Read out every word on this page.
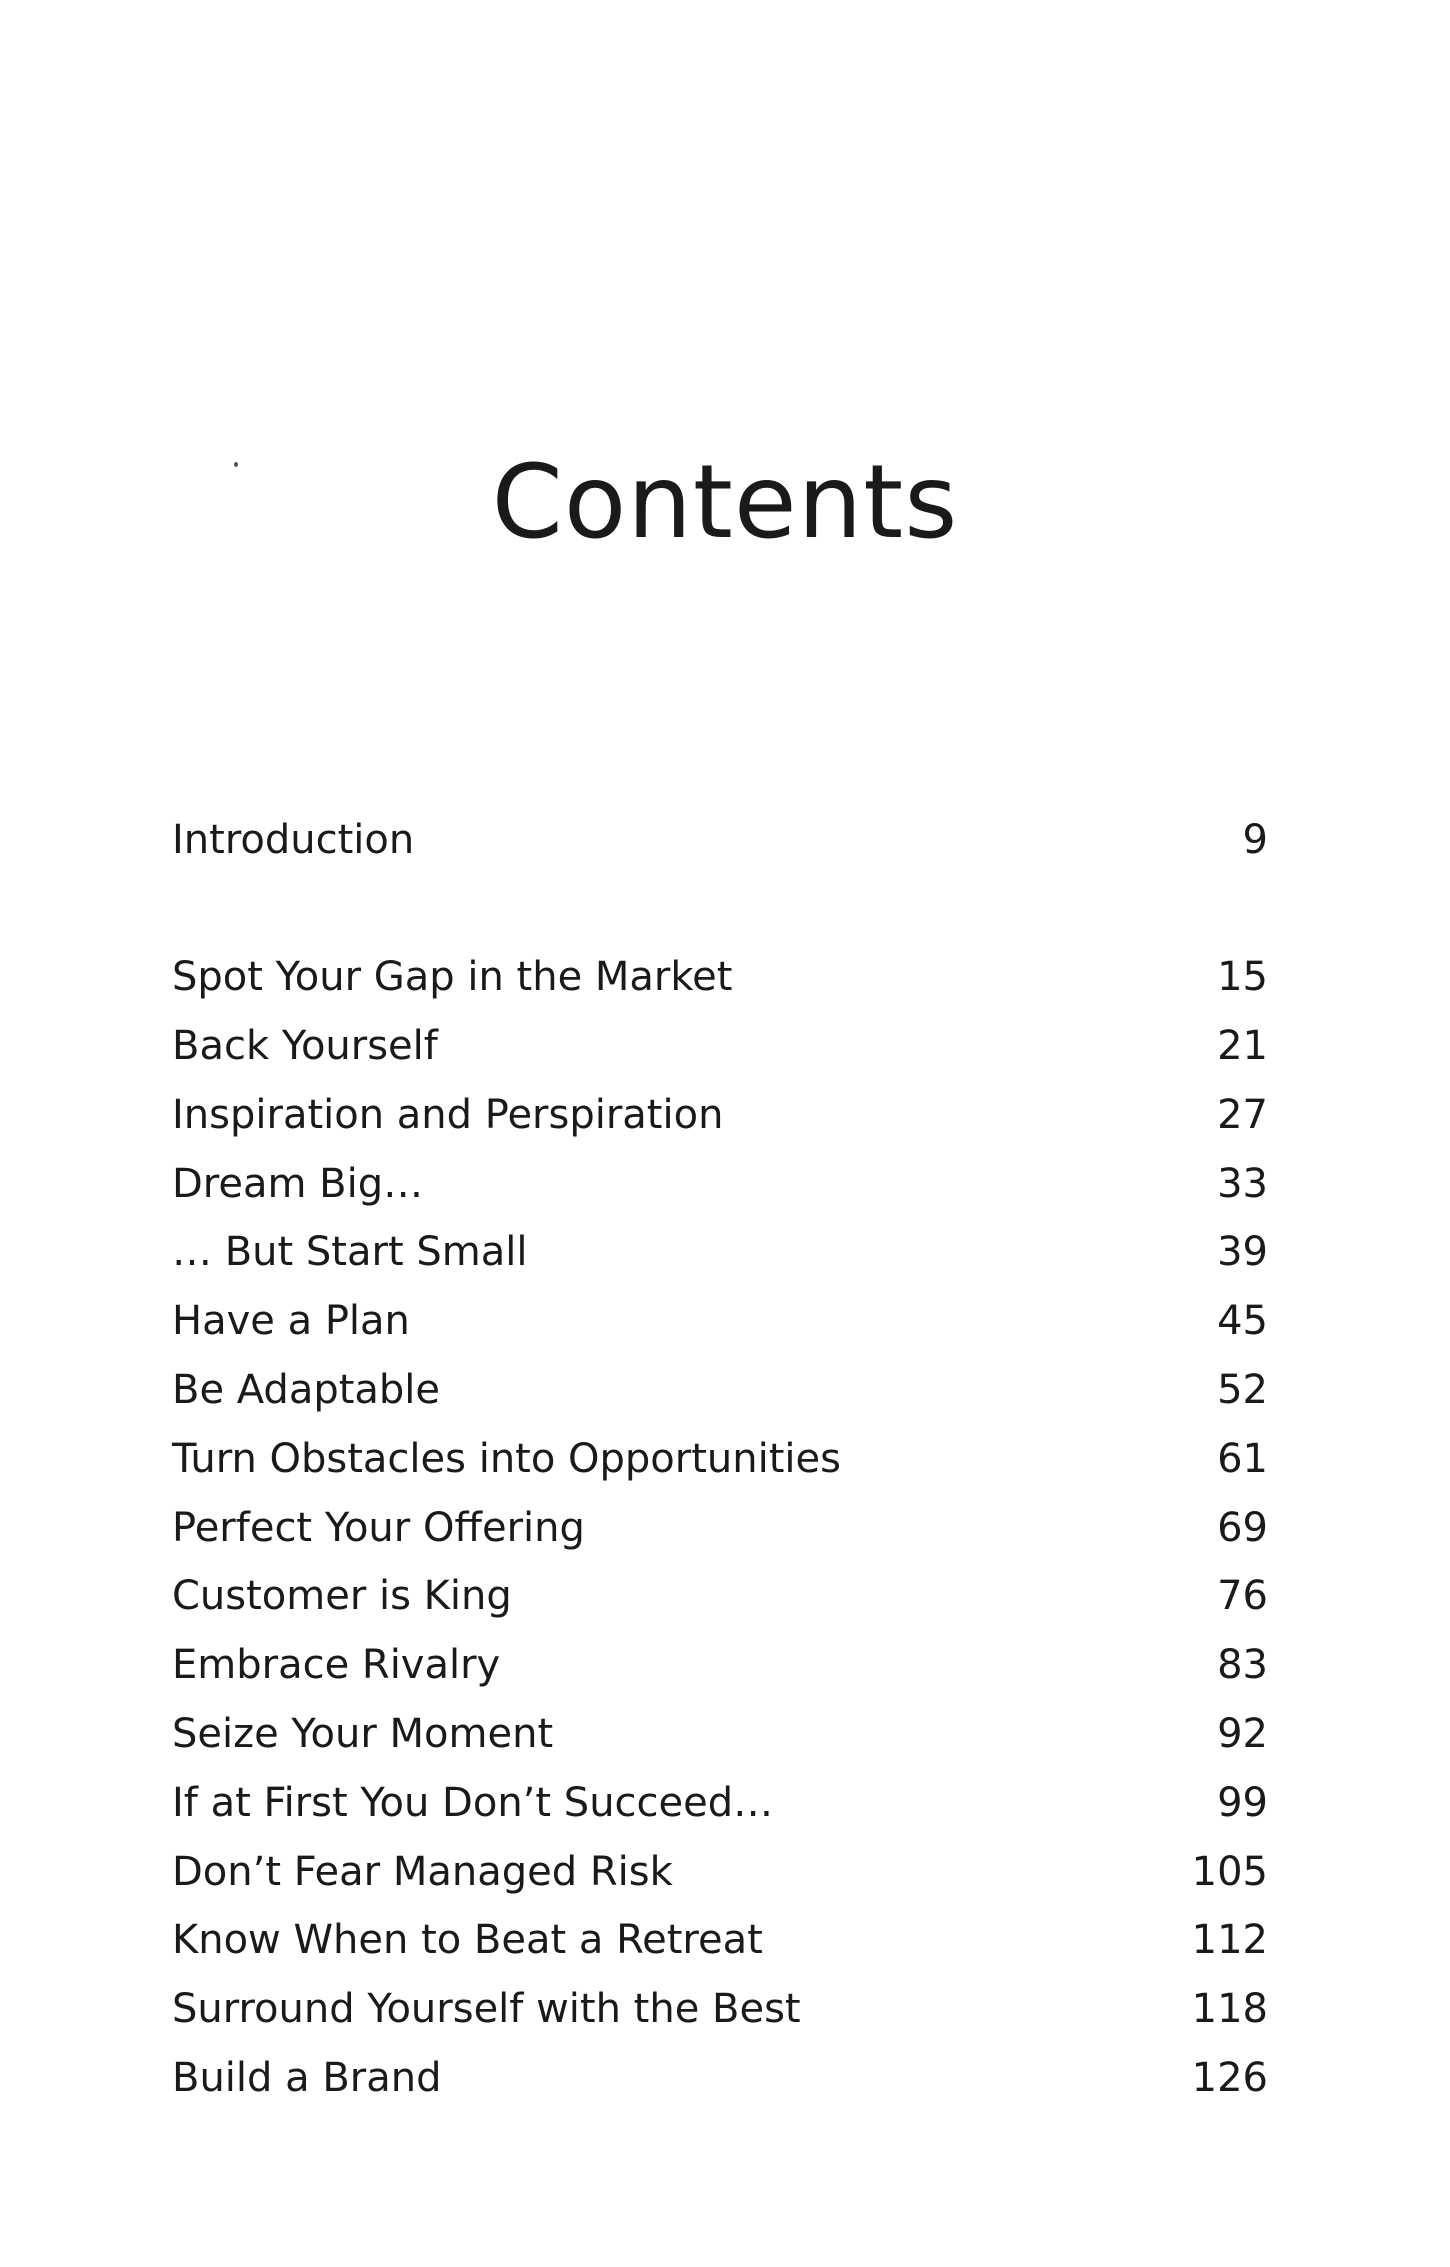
Contents
Introduction	9
Spot Your Gap in the Market	15
Back Yourself	21
Inspiration and Perspiration	27
Dream Big…	33
… But Start Small	39
Have a Plan	45
Be Adaptable	52
Turn Obstacles into Opportunities	61
Perfect Your Offering	69
Customer is King	76
Embrace Rivalry	83
Seize Your Moment	92
If at First You Don’t Succeed…	99
Don’t Fear Managed Risk	105
Know When to Beat a Retreat	112
Surround Yourself with the Best	118
Build a Brand	126
